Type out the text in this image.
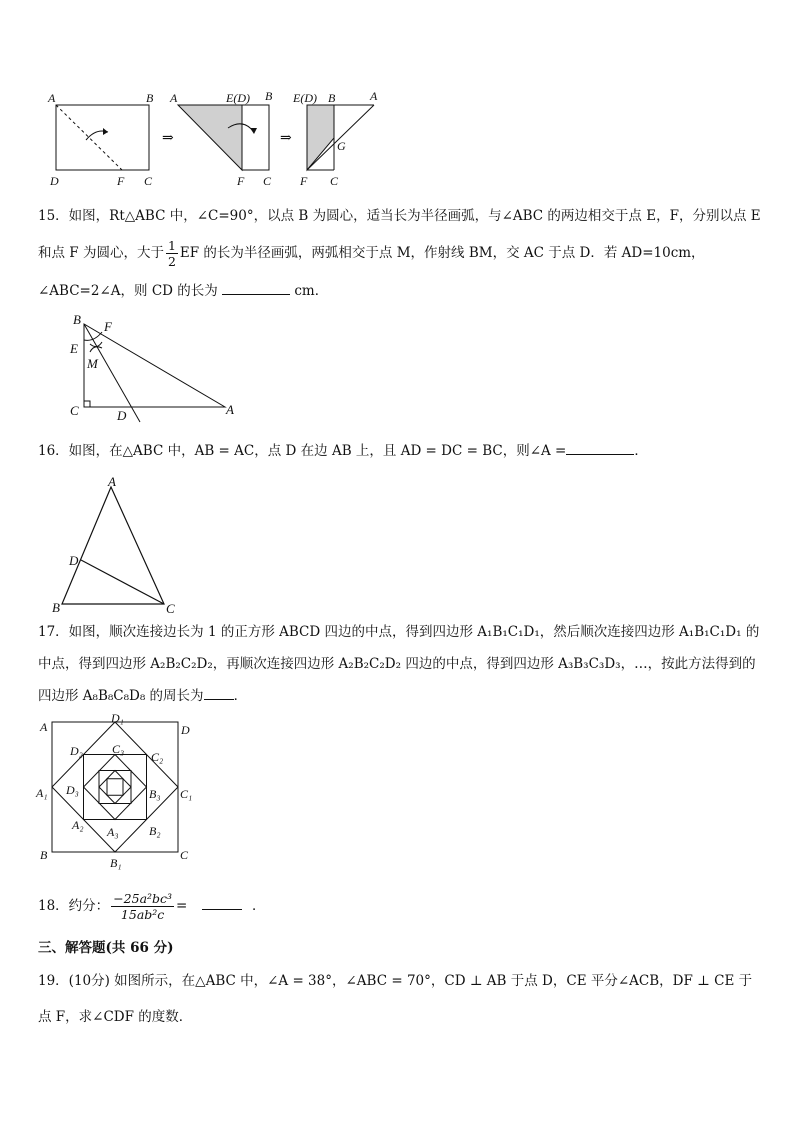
A	B
D	F C
⇒
A	E(D) B
F C
⇒
E(D) B	A
G
F C
15．如图，Rt△ABC 中，∠C=90°，以点 B 为圆心，适当长为半径画弧，与∠ABC 的两边相交于点 E，F，分别以点 E
和点 F 为圆心，大于 $\frac{1}{2}$ EF 的长为半径画弧，两弧相交于点 M，作射线 BM，交 AC 于点 D．若 AD=10cm，
∠ABC=2∠A，则 CD 的长为	cm．
B F
E
M
C	D	A
16．如图，在△ABC 中，AB = AC，点 D 在边 AB 上，且 AD = DC = BC，则∠A =	．
A
D
B	C
17．如图，顺次连接边长为 1 的正方形 ABCD 四边的中点，得到四边形 A₁B₁C₁D₁，然后顺次连接四边形 A₁B₁C₁D₁ 的
中点，得到四边形 A₂B₂C₂D₂，再顺次连接四边形 A₂B₂C₂D₂ 四边的中点，得到四边形 A₃B₃C₃D₃，…，按此方法得到的
四边形 A₈B₈C₈D₈ 的周长为 ．
A
D₁
D
D₂ C₃
C₂
A₁ D₃	B₃ C₁
A₂ A₃	B₂
B
B₁
C
18．约分： $\frac{\text{−25a²bc³}}{\text{15ab²c}}$ =	．
三、解答题(共 66 分)
19．(10分) 如图所示，在△ABC 中，∠A = 38°，∠ABC = 70°，CD ⊥ AB 于点 D，CE 平分∠ACB，DF ⊥ CE 于
点 F，求∠CDF 的度数．
